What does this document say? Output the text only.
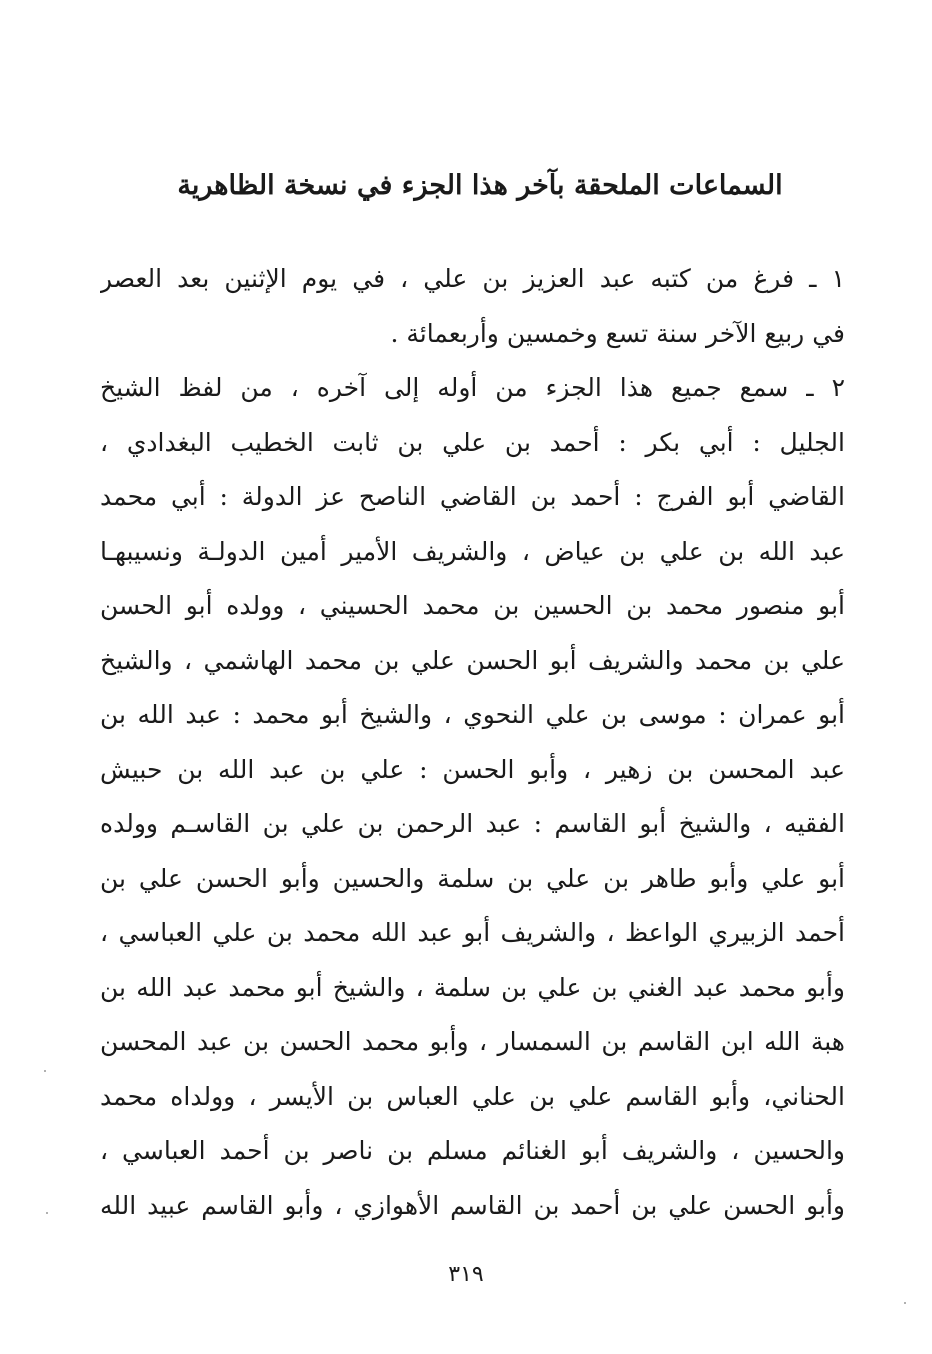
السماعات الملحقة بآخر هذا الجزء في نسخة الظاهرية
١ ـ فرغ من كتبه عبد العزيز بن علي ، في يوم الإثنين بعد العصر
في ربيع الآخر سنة تسع وخمسين وأربعمائة .
٢ ـ سمع جميع هذا الجزء من أوله إلى آخره ، من لفظ الشيخ
الجليل : أبي بكر : أحمد بن علي بن ثابت الخطيب البغدادي ،
القاضي أبو الفرج : أحمد بن القاضي الناصح عز الدولة : أبي محمد
عبد الله بن علي بن عياض ، والشريف الأمير أمين الدولـة ونسيبهـا
أبو منصور محمد بن الحسين بن محمد الحسيني ، وولده أبو الحسن
علي بن محمد والشريف أبو الحسن علي بن محمد الهاشمي ، والشيخ
أبو عمران : موسى بن علي النحوي ، والشيخ أبو محمد : عبد الله بن
عبد المحسن بن زهير ، وأبو الحسن : علي بن عبد الله بن حبيش
الفقيه ، والشيخ أبو القاسم : عبد الرحمن بن علي بن القاسـم وولده
أبو علي وأبو طاهر بن علي بن سلمة والحسين وأبو الحسن علي بن
أحمد الزبيري الواعظ ، والشريف أبو عبد الله محمد بن علي العباسي ،
وأبو محمد عبد الغني بن علي بن سلمة ، والشيخ أبو محمد عبد الله بن
هبة الله ابن القاسم بن السمسار ، وأبو محمد الحسن بن عبد المحسن
الحناني، وأبو القاسم علي بن علي العباس بن الأيسر ، وولداه محمد
والحسين ، والشريف أبو الغنائم مسلم بن ناصر بن أحمد العباسي ،
وأبو الحسن علي بن أحمد بن القاسم الأهوازي ، وأبو القاسم عبيد الله
٣١٩
